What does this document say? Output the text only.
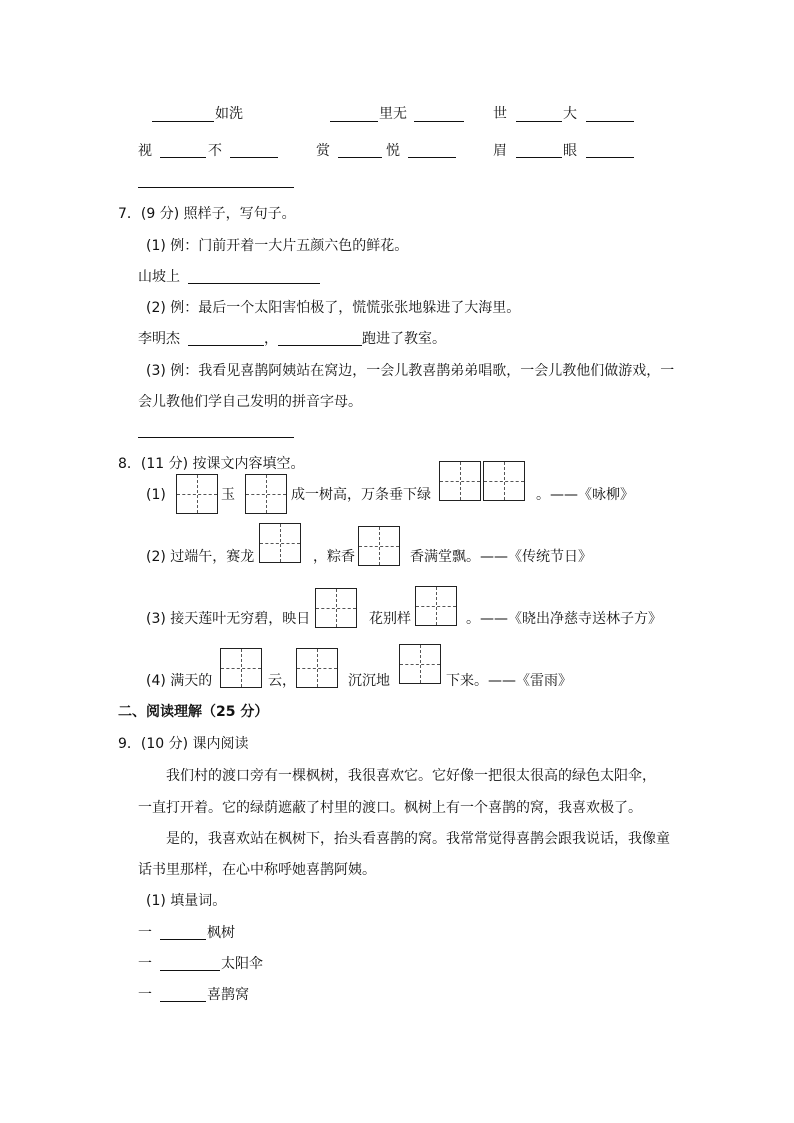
如洗	里无	世	大
视	不	赏	悦	眉	眼
7．(9 分) 照样子，写句子。
(1) 例：门前开着一大片五颜六色的鲜花。
山坡上
(2) 例：最后一个太阳害怕极了，慌慌张张地躲进了大海里。
李明杰	，	跑进了教室。
(3) 例：我看见喜鹊阿姨站在窝边，一会儿教喜鹊弟弟唱歌，一会儿教他们做游戏，一
会儿教他们学自己发明的拼音字母。
8．(11 分) 按课文内容填空。
(1)	玉	成一树高，万条垂下绿	。——《咏柳》
(2) 过端午，赛龙	，粽香	香满堂飘。——《传统节日》
(3) 接天莲叶无穷碧，映日	花别样	。——《晓出净慈寺送林子方》
(4) 满天的	云，	沉沉地	下来。——《雷雨》
二、阅读理解（25 分）
9．(10 分) 课内阅读
我们村的渡口旁有一棵枫树，我很喜欢它。它好像一把很太很高的绿色太阳伞，
一直打开着。它的绿荫遮蔽了村里的渡口。枫树上有一个喜鹊的窝，我喜欢极了。
是的，我喜欢站在枫树下，抬头看喜鹊的窝。我常常觉得喜鹊会跟我说话，我像童
话书里那样，在心中称呼她喜鹊阿姨。
(1) 填量词。
一	枫树
一	太阳伞
一	喜鹊窝
